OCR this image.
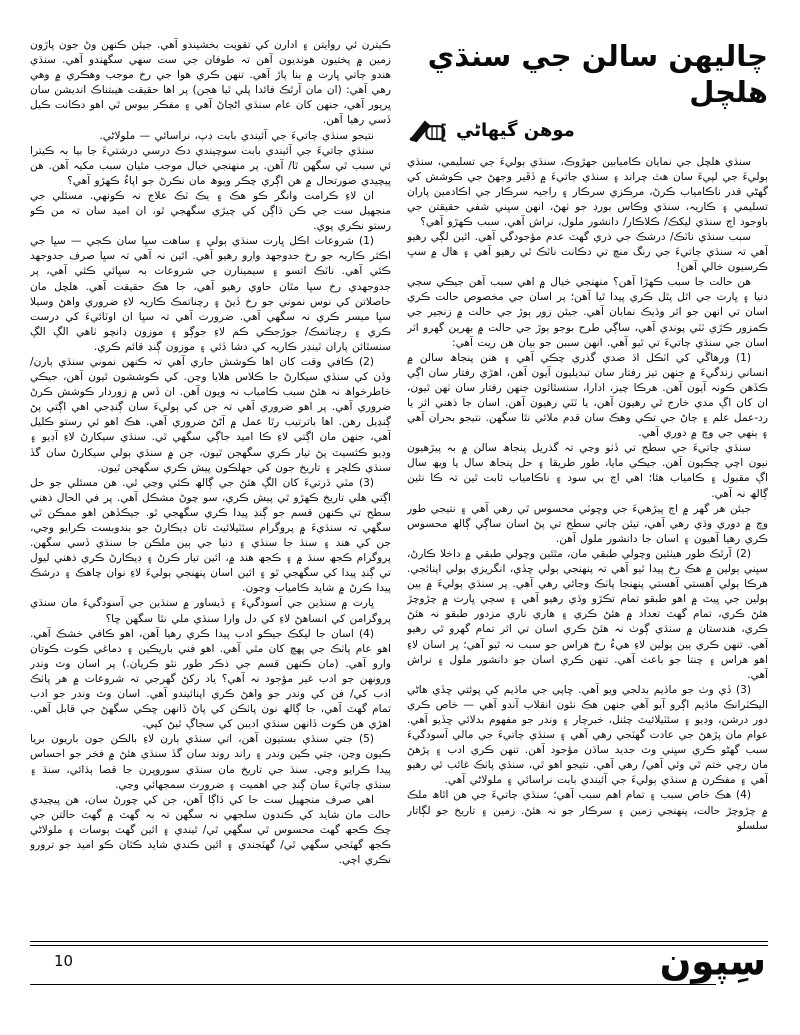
چاليھن سالن جي سنڌي ھلچل
موھن گيھاڻي

سنڌي ھلچل جي نمايان ڪاميابين جھڙوڪ، سنڌي ٻوليءَ جي تسليمي، سنڌي ٻوليءَ جي لپيءَ سان ھٿ چراند ۽ سنڌي ڄاتيءَ ۾ ڏڦير وجھڻ جي ڪوشش کي گھڻي قدر ناڪامياب ڪرڻ، مرڪزي سرڪار ۽ راجيہ سرڪار جي اڪادمين پاران تسليمي ۽ ڪاريہ، سنڌي وڪاس بورڊ جو ٺھڻ، انھن سڀني شفي حقيقتن جي باوجود اڄ سنڌي ليکڪ/ ڪلاڪار/ دانشور ملول، نراش آھي. سبب ڪھڙو آھي؟

سبب سنڌي ناٽڪ/ درشڪ جي ذري گھٽ عدم مؤجودگي آھي. ائين لڳي رھيو آھي تہ سنڌي ڄاتيءَ جي رنگ منچ تي دڪانت ناٽڪ ٿي رھيو آھي ۽ ھال ۾ سڀ ڪرسيون خالي آھن!

ھن حالت جا سبب ڪھڙا آھن؟ منھنجي خيال ۾ اھي سبب آھن جيڪي سڄي دنيا ۽ ڀارت جي اٿل پٿل ڪري پيدا ٿيا آھن؛ پر اسان جي مخصوص حالت ڪري اسان تي انھن جو اثر وڌيڪ نمايان آھي. جيئن زور ٻوڙ جي حالت ۾ زنجير جي ڪمزور ڪڙي ٽٽي پوندي آھي، ساڳي طرح بوجو ٻوڙ جي حالت ۾ بھرين گھرو اثر اسان جي سنڌي ڄاتيءَ تي ٿيو آھي. انھن سببن جو بيان ھن ريت آھي:

(1) ورھاڱي کي اٽڪل اڌ صدي گذري چڪي آھي ۽ ھنن پنجاھ سالن ۾ انساني زندگيءَ ۾ جنھن تيز رفتار سان تبديليون آيون آھن، اھڙي رفتار سان اڳي ڪڏھن ڪونہ آيون آھن. ھرڪا چيز، ادارا، سنسٿائون جنھن رفتار سان ٺھن ٿيون، ان کان اڳ مدي خارج ٿي رھيون آھن، يا ٽٽي رھيون آھن. اسان جا ذھني اثر يا رد-عمل علم ۽ ڄاڻ جي تڪي وھڪ سان قدم ملائي نٿا سگھن. نتيجو بحران آھي ۽ ٻنھي جي وچ ۾ دوري آھي.

سنڌي ڄاتيءَ جي سطح تي ڏٺو وڃي تہ گذريل پنجاھ سالن ۾ بہ پيڙھيون نيون اچي چڪيون آھن. جيڪي مايا، طور طريقا ۽ حل پنجاھ سال يا ويھ سال اڳ مقبول ۽ ڪامياب ھئا؛ اھي اڄ بي سود ۽ ناڪامياب ثابت ٿين تہ ڪا نئين ڳالھ نہ آھي.

جيئن ھر گھر ۾ اڄ پيڙھيءَ جي وڇوٽي محسوس ٿي رھي آھي ۽ نتيجي طور وچ ۾ دوري وڌي رھي آھي، تيئن ڄاتي سطح تي پڻ اسان ساڳي ڳالھ محسوس ڪري رھيا آھيون ۽ اسان جا دانشور ملول آھن.

(2) آرٿڪ طور ھيٺئين وچولي طبقي مان، مٿئين وچولي طبقي ۾ داخلا ڪارڻ، سڀني ٻولين ۾ ھڪ رخ پيدا ٿيو آھي تہ پنھنجي ٻولي ڇڏي، انگريزي ٻولي اپنائجي. ھرڪا ٻولي آھستي آھستي پنھنجا پاٺڪ وڃائي رھي آھي. پر سنڌي ٻوليءَ ۾ ٻين ٻولين جي ڀيٽ ۾ اھو طبقو تمام تڪڙو وڌي رھيو آھي ۽ سڄي ڀارت ۾ چڙوچڙ ھئڻ ڪري، تمام گھٽ تعداد ۾ ھئڻ ڪري ۽ ھاري ناري مزدور طبقو نہ ھئڻ ڪري، ھندستان ۾ سنڌي ڳوٺ نہ ھئڻ ڪري اسان تي اثر تمام گھرو ٿي رھيو آھي. تنھن ڪري ٻين ٻولين لاءِ ھيءُ رخ ھراس جو سبب نہ ٿيو آھي؛ پر اسان لاءِ اھو ھراس ۽ چنتا جو باعث آھي. تنھن ڪري اسان جو دانشور ملول ۽ نراش آھي.

(3) ڏي وٺ جو ماڌيم بدلجي ويو آھي. ڇاپي جي ماڌيم کي پوئتي ڇڏي ھاڻي اليڪٽرانڪ ماڌيم اڳرو آيو آھي جنھن ھڪ نئون انقلاب آندو آھي — خاص ڪري دور درشن، وڊيو ۽ سئٽيلائيٽ چئنل، خبرچار ۽ وندر جو مفھوم بدلائي ڇڏيو آھي. عوام مان پڙھڻ جي عادت گھٽجي رھي آھي ۽ سنڌي ڄاتيءَ جي مالي آسودگيءَ سبب گھڻو ڪري سڀني وٽ جديد ساڌن مؤجود آھن. تنھن ڪري ادب ۽ پڙھڻ مان رچي ختم ٿي وئي آھي/ رھي آھي. نتيجو اھو ٿي، سنڌي پاٺڪ غائب ٿي رھيو آھي ۽ مفڪرن ۾ سنڌي ٻوليءَ جي آئيندي بابت نراسائي ۽ ملولاڻي آھي.

(4) ھڪ خاص سبب ۽ تمام اھم سبب آھي؛ سنڌي ڄاتيءَ جي ھن اٿاھ ملڪ ۾ چڙوچڙ حالت، پنھنجي زمين ۽ سرڪار جو نہ ھئڻ. زمين ۽ تاريخ جو لڳاتار سلسلو

ڪيترن ئي روايتن ۽ ادارن کي تقويت بخشيندو آھي. جيئن ڪنھن وڻ جون پاڙون زمين ۾ پختيون ھونديون آھن تہ طوفان جي ست سھي سگھندو آھي. سنڌي ھندو ڄاتي ڀارت ۾ بنا پاڙ آھي. تنھن ڪري ھوا جي رخ موجب وھڪري ۾ وھي رھي آھي: (ان مان آرٿڪ فائدا پلي ٿيا ھجن) پر اھا حقيقت ھيبتناڪ انديشن سان ڀرپور آھي، جنھن کان عام سنڌي اڻڄاڻ آھي ۽ مفڪر بيوس ٿي اھو دڪانت ڪيل ڏسي رھيا آھن.

نتيجو سنڌي ڄاتيءَ جي آئيندي بابت ڊپ، نراسائي — ملولاڻي.

سنڌي ڄاتيءَ جي آئيندي بابت سوچيندي دڪ درسي درشتيءَ جا بيا بہ ڪيترا ئي سبب ٿي سگھن ٿا/ آھن. پر منھنجي خيال موجب مٿيان سبب مکيہ آھن. ھن پيچيدي صورتحال ۾ ھن اڳري چڪر ويوھ مان نڪرڻ جو اپاءُ ڪھڙو آھي؟

ان لاءِ ڪرامت وانگر ڪو ھڪ ۽ يڪ ٽڪ علاج نہ ڪونھي. مسئلي جي منجھيل ست جي ڪن ڌاڳن کي چيڙي سگھجي ٿو، ان اميد سان تہ من ڪو رستو نڪري پوي.

(1) شروعات اڪل ڀارت سنڌي ٻولي ۽ ساھت سڀا سان ڪجي — سڀا جي اڪثر ڪاريہ جو رخ جدوجھد وارو رھيو آھي. ائين نہ آھي تہ سڀا صرف جدوجھد ڪئي آھي. ناٽڪ اتسو ۽ سيمينارن جي شروعات بہ سڀائي ڪئي آھي، پر جدوجھدي رخ سڀا مٿان حاوي رھيو آھي، جا ھڪ حقيقت آھي. ھلچل مان حاصلاتن کي نوس نموني جو رخ ڏيڻ ۽ رچناتمڪ ڪاريہ لاءِ ضروري واھڻ وسيلا سڀا ميسر ڪري نہ سگھي آھي. ضرورت آھي تہ سڀا ان اوٽائيءَ کي درست ڪري ۽ رچناتمڪ/ جوڙجڪي ڪم لاءِ جوڳو ۽ موزون ڍانچو ٺاھي الڳ الڳ سنسٿائن پاران ٽينڊر ڪاريہ کي دشا ڏئي ۽ موزون ڳنڍ قائم ڪري.

(2) ڪافي وقت کان اھا ڪوشش جاري آھي تہ ڪنھن نموني سنڌي ٻارن/ وڏن کي سنڌي سيکارڻ جا ڪلاس ھلايا وڃن. کي ڪوششون ٿيون آھن، جيڪي خاطرخواھ نہ ھئڻ سبب ڪامياب نہ ويون آھن. ان ڏس ۾ زوردار ڪوشش ڪرڻ ضروري آھي. پر اھو ضروري آھي تہ جن کي ٻوليءَ سان ڳنڍجي اھي اڳتي پڻ ڳنڍيل رھن. اھا باترتيب رٿا عمل ۾ آڻڻ ضروري آھي. ھڪ اھو ئي رستو ڪليل آھي، جنھن مان اڳتي لاءِ ڪا اميد جاڳي سگھي ٿي. سنڌي سيکارڻ لاءِ آڊيو ۽ وڊيو ڪئسيٽ پڻ تيار ڪري سگھجن ٿيون، جن ۾ سنڌي ٻولي سيکارڻ سان گڏ سنڌي ڪلچر ۽ تاريخ جون کي جھلڪون پيش ڪري سگھجن ٿيون.

(3) مٽي ڌرتيءَ کان الڳ ھئڻ جي ڳالھ ڪئي وڃي ٿي. ھن مسئلي جو حل اڳتي ھلي تاريخ ڪھڙو ٿي پيش ڪري، سو چوڻ مشڪل آھي. پر في الحال ذھني سطح تي ڪنھن قسم جو ڳنڍ پيدا ڪري سگھجي ٿو. جيڪڏھن اھو ممڪن ٿي سگھي تہ سنڌيءَ ۾ پروگرام سئٽيلائيٽ تان ڊيڪارڻ جو بندوبست ڪرايو وڃي، جن کي ھند ۽ سنڌ جا سنڌي ۽ دنيا جي ٻين ملڪن جا سنڌي ڏسي سگھن. پروگرام ڪجھ سنڌ ۾ ۽ ڪجھ ھند ۾، ائين تيار ڪرڻ ۽ ڊيڪارڻ ڪري ذھني ليول تي ڳنڍ پيدا کي سگھجي ٿو ۽ ائين اسان پنھنجي ٻوليءَ لاءِ نوان چاھڪ ۽ درشڪ پيدا ڪرڻ ۾ شايد ڪامياب وڃون.

ڀارت ۾ سنڌين جي آسودگيءَ ۽ ڏيساور ۾ سنڌين جي آسودگيءَ مان سنڌي پروگرامن کي انساھڻ لاءِ کي دل وارا سنڌي ملي نٿا سگھن ڇا؟

(4) اسان جا ليکڪ جيڪو ادب پيدا ڪري رھيا آھن، اھو ڪافي خشڪ آھي. اھو عام پاٺڪ جي پھچ کان مٿي آھي. اھو فني باريڪين ۽ دماغي ڪوت ڪوتان وارو آھي. (مان ڪنھن قسم جي ذڪر طور نٿو ڪريان.) پر اسان وٽ وندر ورونھن جو ادب غير مؤجود نہ آھي؟ ياد رکڻ گھرجي تہ شروعات ۾ ھر پاٺڪ ادب کي/ فن کي وندر جو واھڻ ڪري اپنائيندو آھي. اسان وٽ وندر جو ادب تمام گھٽ آھي، جا ڳالھ نون پاٺڪن کي پاڻ ڏانھن ڇڪي سگھڻ جي قابل آھي. اھڙي ھن ڪوت ڏانھن سنڌي اديبن کي سجاڳ ٿيڻ کپي.

(5) جتي سنڌي بستيون آھن، اتي سنڌي ٻارن لاءِ بالڪن جون باريون بريا ڪيون وڃن، جتي ڪين وندر ۽ راند روند سان گڏ سنڌي ھئڻ ۾ فخر جو احساس پيدا ڪرايو وڃي. سنڌ جي تاريخ مان سنڌي سوروپرن جا قصا ٻڌائي، سنڌ ۽ سنڌي ڄاتيءَ سان ڳنڍ جي اھميت ۽ ضرورت سمجھائي وڃي.

اھي صرف منجھيل ست جا کي ڌاڳا آھن، جن کي چورڻ سان، ھن پيچيدي حالت مان شايد کي ڪندون سلجھي نہ سگھن تہ بہ گھٽ ۾ گھٽ حالتن جي چڪ ڪجھ گھٽ محسوس ٿي سگھي ٿي/ ٿيندي ۽ ائين گھٽ ٻوسات ۽ ملولاڻي ڪجھ گھٽجي سگھي ٿي/ گھٽجندي ۽ ائين ڪندي شايد ڪٿان ڪو اميد جو ترورو نڪري اچي.

10	سِپون
